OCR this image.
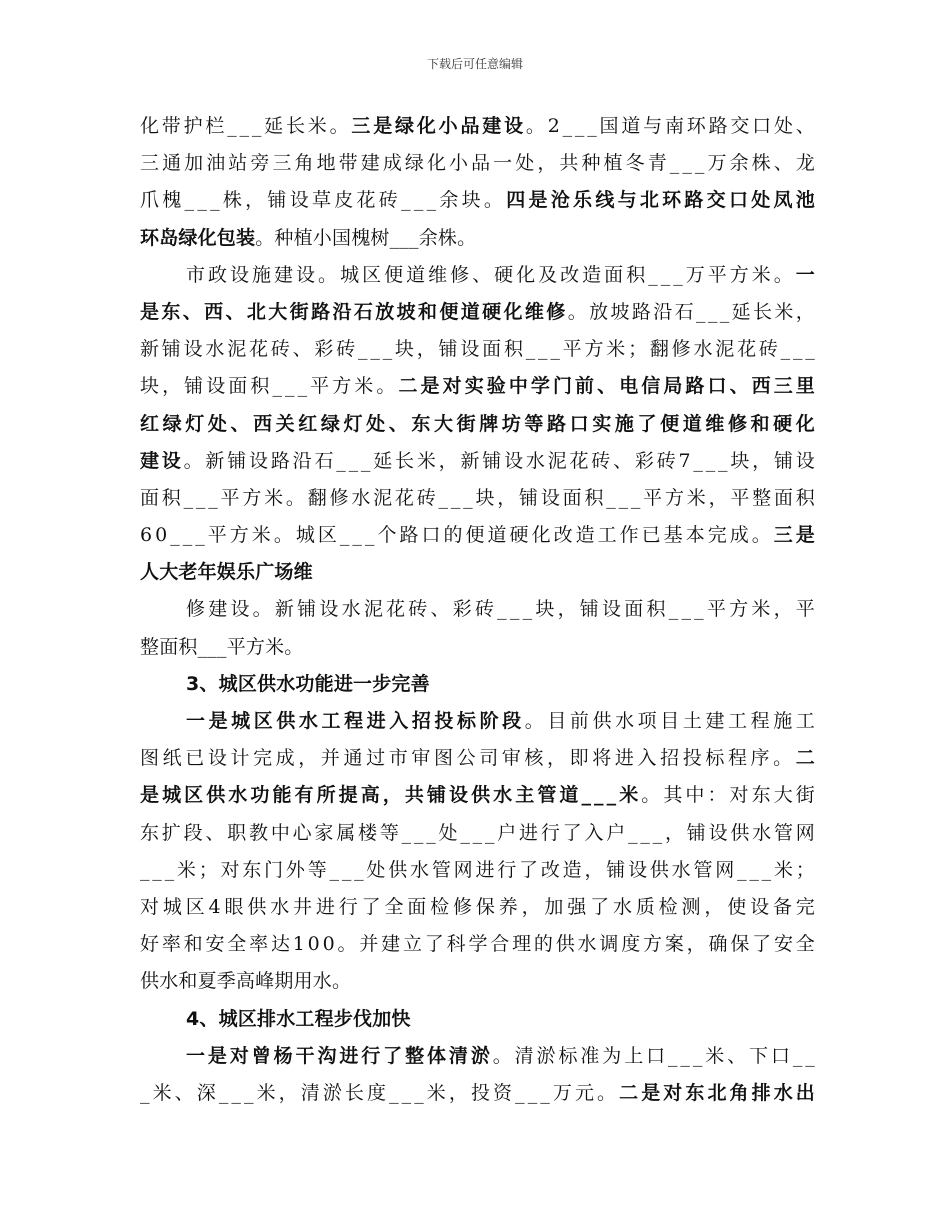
下载后可任意编辑
化带护栏___延长米。三是绿化小品建设。2___国道与南环路交口处、
三通加油站旁三角地带建成绿化小品一处，共种植冬青___万余株、龙
爪槐___株，铺设草皮花砖___余块。四是沧乐线与北环路交口处凤池
环岛绿化包装。种植小国槐树___余株。
市政设施建设。城区便道维修、硬化及改造面积___万平方米。一
是东、西、北大街路沿石放坡和便道硬化维修。放坡路沿石___延长米，
新铺设水泥花砖、彩砖___块，铺设面积___平方米；翻修水泥花砖___
块，铺设面积___平方米。二是对实验中学门前、电信局路口、西三里
红绿灯处、西关红绿灯处、东大街牌坊等路口实施了便道维修和硬化
建设。新铺设路沿石___延长米，新铺设水泥花砖、彩砖7___块，铺设
面积___平方米。翻修水泥花砖___块，铺设面积___平方米，平整面积
60___平方米。城区___个路口的便道硬化改造工作已基本完成。三是
人大老年娱乐广场维
修建设。新铺设水泥花砖、彩砖___块，铺设面积___平方米，平
整面积___平方米。
3、城区供水功能进一步完善
一是城区供水工程进入招投标阶段。目前供水项目土建工程施工
图纸已设计完成，并通过市审图公司审核，即将进入招投标程序。二
是城区供水功能有所提高，共铺设供水主管道___米。其中：对东大街
东扩段、职教中心家属楼等___处___户进行了入户___，铺设供水管网
___米；对东门外等___处供水管网进行了改造，铺设供水管网___米；
对城区4眼供水井进行了全面检修保养，加强了水质检测，使设备完
好率和安全率达100。并建立了科学合理的供水调度方案，确保了安全
供水和夏季高峰期用水。
4、城区排水工程步伐加快
一是对曾杨干沟进行了整体清淤。清淤标准为上口___米、下口__
_米、深___米，清淤长度___米，投资___万元。二是对东北角排水出
